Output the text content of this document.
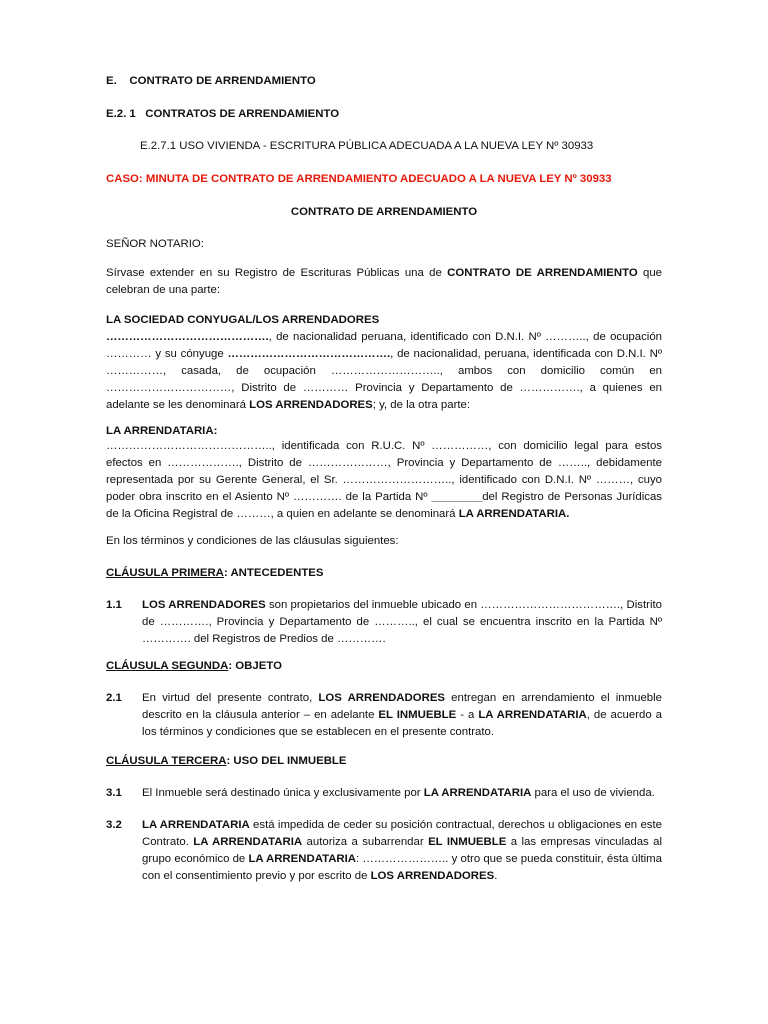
E.    CONTRATO DE ARRENDAMIENTO
E.2. 1   CONTRATOS DE ARRENDAMIENTO
E.2.7.1 USO VIVIENDA - ESCRITURA PÚBLICA ADECUADA A LA NUEVA LEY Nº 30933
CASO: MINUTA DE CONTRATO DE ARRENDAMIENTO ADECUADO A LA NUEVA LEY Nº 30933
CONTRATO DE ARRENDAMIENTO
SEÑOR NOTARIO:
Sírvase extender en su Registro de Escrituras Públicas una de CONTRATO DE ARRENDAMIENTO que celebran de una parte:
LA SOCIEDAD CONYUGAL/LOS ARRENDADORES
……………………………………., de nacionalidad peruana, identificado con D.N.I. Nº ……….., de ocupación ………… y su cónyuge ……………………………………., de nacionalidad, peruana, identificada con D.N.I. Nº ……………, casada, de ocupación ……………………….., ambos con domicilio común en ……………………………, Distrito de ………… Provincia y Departamento de ……………., a quienes en adelante se les denominará LOS ARRENDADORES; y, de la otra parte:
LA ARRENDATARIA:
…………………………………….., identificada con R.U.C. Nº ……………, con domicilio legal para estos efectos en ………………., Distrito de …………………, Provincia y Departamento de …….., debidamente representada por su Gerente General, el Sr. ……………………….., identificado con D.N.I. Nº ………, cuyo poder obra inscrito en el Asiento Nº …………. de la Partida Nº ________del Registro de Personas Jurídicas de la Oficina Registral de ………, a quien en adelante se denominará LA ARRENDATARIA.
En los términos y condiciones de las cláusulas siguientes:
CLÁUSULA PRIMERA: ANTECEDENTES
1.1 LOS ARRENDADORES son propietarios del inmueble ubicado en ………………………………., Distrito de …………., Provincia y Departamento de ……….., el cual se encuentra inscrito en la Partida Nº …………. del Registros de Predios de ………….
CLÁUSULA SEGUNDA: OBJETO
2.1 En virtud del presente contrato, LOS ARRENDADORES entregan en arrendamiento el inmueble descrito en la cláusula anterior – en adelante EL INMUEBLE - a LA ARRENDATARIA, de acuerdo a los términos y condiciones que se establecen en el presente contrato.
CLÁUSULA TERCERA: USO DEL INMUEBLE
3.1 El Inmueble será destinado única y exclusivamente por LA ARRENDATARIA para el uso de vivienda.
3.2 LA ARRENDATARIA está impedida de ceder su posición contractual, derechos u obligaciones en este Contrato. LA ARRENDATARIA autoriza a subarrendar EL INMUEBLE a las empresas vinculadas al grupo económico de LA ARRENDATARIA: ………………….. y otro que se pueda constituir, ésta última con el consentimiento previo y por escrito de LOS ARRENDADORES.
